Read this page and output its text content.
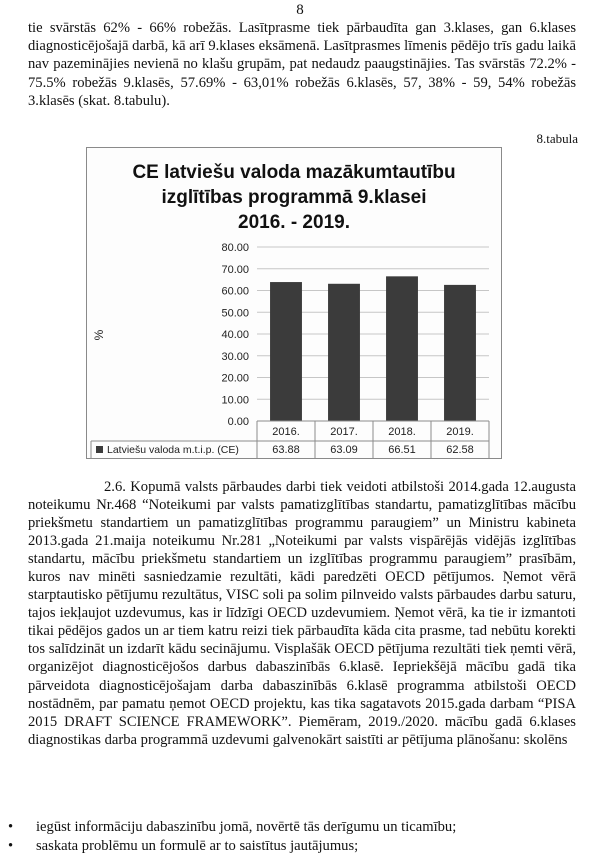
8

tie svārstās 62% - 66% robežās. Lasītprasme tiek pārbaudīta gan 3.klases, gan 6.klases diagnosticējošajā darbā, kā arī 9.klases eksāmenā. Lasītprasmes līmenis pēdējo trīs gadu laikā nav pazeminājies nevienā no klašu grupām, pat nedaudz paaugstinājies. Tas svārstās 72.2% - 75.5% robežās 9.klasēs, 57.69% - 63,01% robežās 6.klasēs, 57, 38% - 59, 54% robežās 3.klasēs (skat. 8.tabulu).

8.tabula
CE latviešu valoda mazākumtautību
izglītības programmā 9.klasei
2016. - 2019.
0.00
10.00
20.00
30.00
40.00
50.00
60.00
70.00
80.00
%
2016.	2017.	2018.	2019.
Latviešu valoda m.t.i.p. (CE)	63.88	63.09	66.51	62.58

2.6. Kopumā valsts pārbaudes darbi tiek veidoti atbilstoši 2014.gada 12.augusta noteikumu Nr.468 “Noteikumi par valsts pamatizglītības standartu, pamatizglītības mācību priekšmetu standartiem un pamatizglītības programmu paraugiem” un Ministru kabineta 2013.gada 21.maija noteikumu Nr.281 „Noteikumi par valsts vispārējās vidējās izglītības standartu, mācību priekšmetu standartiem un izglītības programmu paraugiem” prasībām, kuros nav minēti sasniedzamie rezultāti, kādi paredzēti OECD pētījumos. Ņemot vērā starptautisko pētījumu rezultātus, VISC soli pa solim pilnveido valsts pārbaudes darbu saturu, tajos iekļaujot uzdevumus, kas ir līdzīgi OECD uzdevumiem. Ņemot vērā, ka tie ir izmantoti tikai pēdējos gados un ar tiem katru reizi tiek pārbaudīta kāda cita prasme, tad nebūtu korekti tos salīdzināt un izdarīt kādu secinājumu. Visplašāk OECD pētījuma rezultāti tiek ņemti vērā, organizējot diagnosticējošos darbus dabaszinībās 6.klasē. Iepriekšējā mācību gadā tika pārveidota diagnosticējošajam darba dabaszinībās 6.klasē programma atbilstoši OECD nostādnēm, par pamatu ņemot OECD projektu, kas tika sagatavots 2015.gada darbam “PISA 2015 DRAFT SCIENCE FRAMEWORK”. Piemēram, 2019./2020. mācību gadā 6.klases diagnostikas darba programmā uzdevumi galvenokārt saistīti ar pētījuma plānošanu: skolēns

• iegūst informāciju dabaszinību jomā, novērtē tās derīgumu un ticamību;
• saskata problēmu un formulē ar to saistītus jautājumus;
